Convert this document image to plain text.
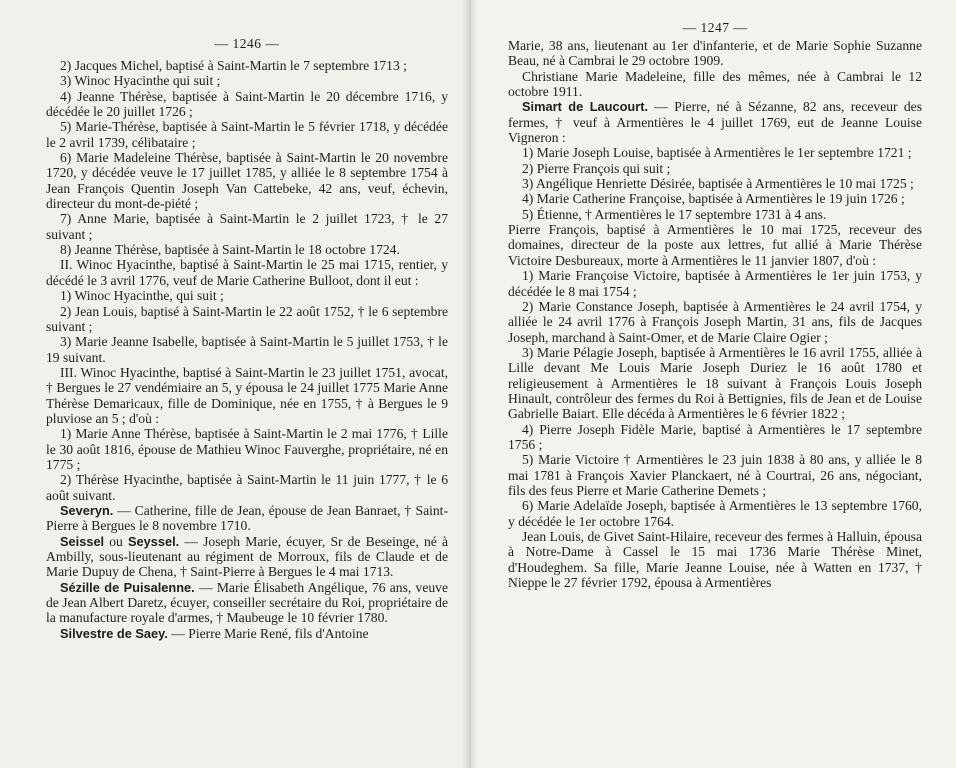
— 1246 —

2) Jacques Michel, baptisé à Saint-Martin le 7 septembre 1713 ;

3) Winoc Hyacinthe qui suit ;

4) Jeanne Thérèse, baptisée à Saint-Martin le 20 décembre 1716, y décédée le 20 juillet 1726 ;

5) Marie-Thérèse, baptisée à Saint-Martin le 5 février 1718, y décédée le 2 avril 1739, célibataire ;

6) Marie Madeleine Thérèse, baptisée à Saint-Martin le 20 novembre 1720, y décédée veuve le 17 juillet 1785, y alliée le 8 septembre 1754 à Jean François Quentin Joseph Van Cattebeke, 42 ans, veuf, échevin, directeur du mont-de-piété ;

7) Anne Marie, baptisée à Saint-Martin le 2 juillet 1723, † le 27 suivant ;

8) Jeanne Thérèse, baptisée à Saint-Martin le 18 octobre 1724.

II. Winoc Hyacinthe, baptisé à Saint-Martin le 25 mai 1715, rentier, y décédé le 3 avril 1776, veuf de Marie Catherine Bulloot, dont il eut :

1) Winoc Hyacinthe, qui suit ;

2) Jean Louis, baptisé à Saint-Martin le 22 août 1752, † le 6 septembre suivant ;

3) Marie Jeanne Isabelle, baptisée à Saint-Martin le 5 juillet 1753, † le 19 suivant.

III. Winoc Hyacinthe, baptisé à Saint-Martin le 23 juillet 1751, avocat, † Bergues le 27 vendémiaire an 5, y épousa le 24 juillet 1775 Marie Anne Thérèse Demaricaux, fille de Dominique, née en 1755, † à Bergues le 9 pluviose an 5 ; d'où :

1) Marie Anne Thérèse, baptisée à Saint-Martin le 2 mai 1776, † Lille le 30 août 1816, épouse de Mathieu Winoc Fauverghe, propriétaire, né en 1775 ;

2) Thérèse Hyacinthe, baptisée à Saint-Martin le 11 juin 1777, † le 6 août suivant.

Severyn. — Catherine, fille de Jean, épouse de Jean Banraet, † Saint-Pierre à Bergues le 8 novembre 1710.

Seissel ou Seyssel. — Joseph Marie, écuyer, Sr de Beseinge, né à Ambilly, sous-lieutenant au régiment de Morroux, fils de Claude et de Marie Dupuy de Chena, † Saint-Pierre à Bergues le 4 mai 1713.

Sézille de Puisalenne. — Marie Élisabeth Angélique, 76 ans, veuve de Jean Albert Daretz, écuyer, conseiller secrétaire du Roi, propriétaire de la manufacture royale d'armes, † Maubeuge le 10 février 1780.

Silvestre de Saey. — Pierre Marie René, fils d'Antoine

— 1247 —

Marie, 38 ans, lieutenant au 1er d'infanterie, et de Marie Sophie Suzanne Beau, né à Cambrai le 29 octobre 1909.

Christiane Marie Madeleine, fille des mêmes, née à Cambrai le 12 octobre 1911.

Simart de Laucourt. — Pierre, né à Sézanne, 82 ans, receveur des fermes, † veuf à Armentières le 4 juillet 1769, eut de Jeanne Louise Vigneron :

1) Marie Joseph Louise, baptisée à Armentières le 1er septembre 1721 ;

2) Pierre François qui suit ;

3) Angélique Henriette Désirée, baptisée à Armentières le 10 mai 1725 ;

4) Marie Catherine Françoise, baptisée à Armentières le 19 juin 1726 ;

5) Étienne, † Armentières le 17 septembre 1731 à 4 ans.

Pierre François, baptisé à Armentières le 10 mai 1725, receveur des domaines, directeur de la poste aux lettres, fut allié à Marie Thérèse Victoire Desbureaux, morte à Armentières le 11 janvier 1807, d'où :

1) Marie Françoise Victoire, baptisée à Armentières le 1er juin 1753, y décédée le 8 mai 1754 ;

2) Marie Constance Joseph, baptisée à Armentières le 24 avril 1754, y alliée le 24 avril 1776 à François Joseph Martin, 31 ans, fils de Jacques Joseph, marchand à Saint-Omer, et de Marie Claire Ogier ;

3) Marie Pélagie Joseph, baptisée à Armentières le 16 avril 1755, alliée à Lille devant Me Louis Marie Joseph Duriez le 16 août 1780 et religieusement à Armentières le 18 suivant à François Louis Joseph Hinault, contrôleur des fermes du Roi à Bettignies, fils de Jean et de Louise Gabrielle Baiart. Elle décéda à Armentières le 6 février 1822 ;

4) Pierre Joseph Fidèle Marie, baptisé à Armentières le 17 septembre 1756 ;

5) Marie Victoire † Armentières le 23 juin 1838 à 80 ans, y alliée le 8 mai 1781 à François Xavier Planckaert, né à Courtrai, 26 ans, négociant, fils des feus Pierre et Marie Catherine Demets ;

6) Marie Adelaïde Joseph, baptisée à Armentières le 13 septembre 1760, y décédée le 1er octobre 1764.

Jean Louis, de Givet Saint-Hilaire, receveur des fermes à Halluin, épousa à Notre-Dame à Cassel le 15 mai 1736 Marie Thérèse Minet, d'Houdeghem. Sa fille, Marie Jeanne Louise, née à Watten en 1737, † Nieppe le 27 février 1792, épousa à Armentières
